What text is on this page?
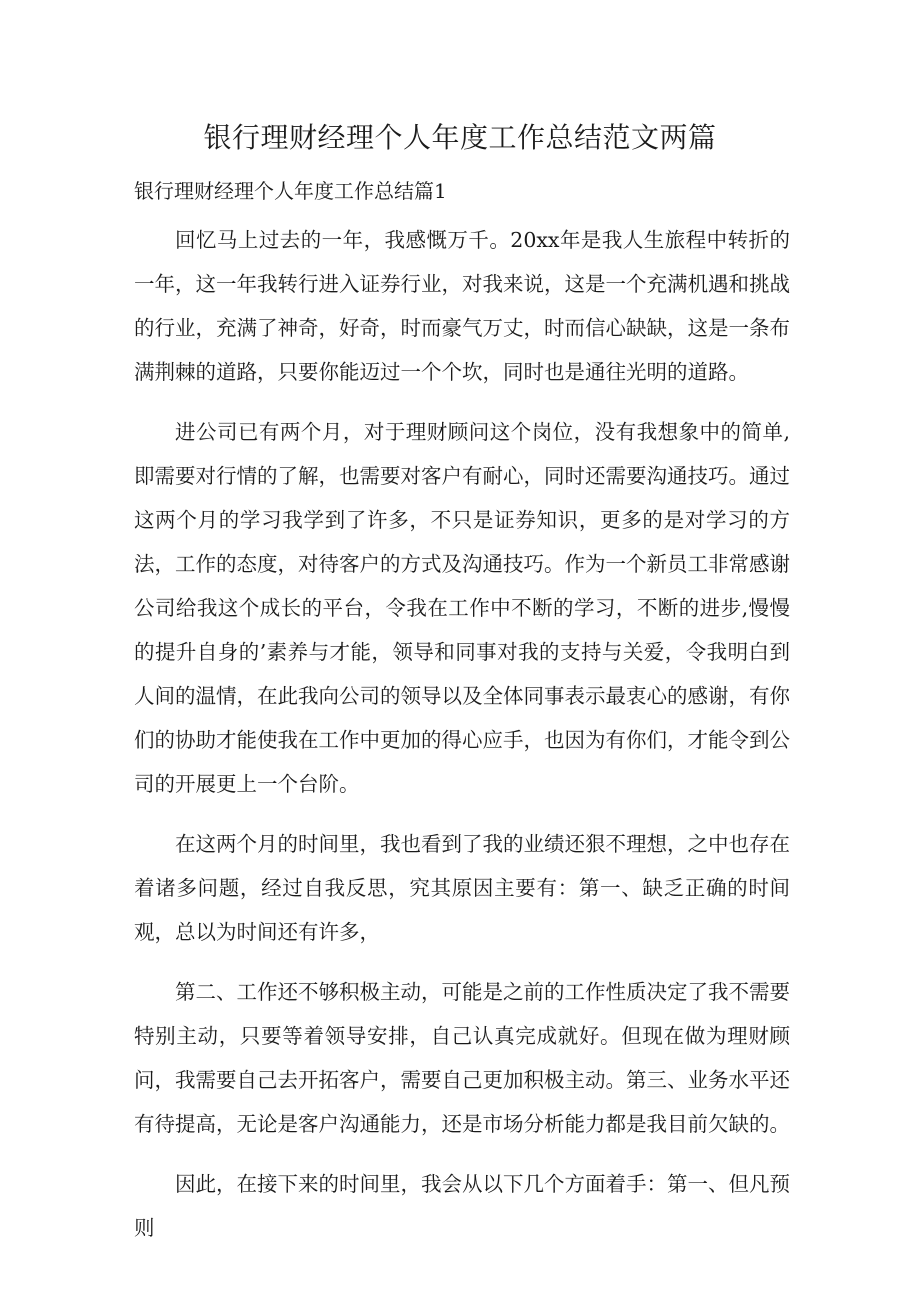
银行理财经理个人年度工作总结范文两篇
银行理财经理个人年度工作总结篇1

回忆马上过去的一年，我感慨万千。20xx年是我人生旅程中转折的一年，这一年我转行进入证券行业，对我来说，这是一个充满机遇和挑战的行业，充满了神奇，好奇，时而豪气万丈，时而信心缺缺，这是一条布满荆棘的道路，只要你能迈过一个个坎，同时也是通往光明的道路。

进公司已有两个月，对于理财顾问这个岗位，没有我想象中的简单,即需要对行情的了解，也需要对客户有耐心，同时还需要沟通技巧。通过这两个月的学习我学到了许多，不只是证券知识，更多的是对学习的方法，工作的态度，对待客户的方式及沟通技巧。作为一个新员工非常感谢公司给我这个成长的平台，令我在工作中不断的学习，不断的进步,慢慢的提升自身的’素养与才能，领导和同事对我的支持与关爱，令我明白到人间的温情，在此我向公司的领导以及全体同事表示最衷心的感谢，有你们的协助才能使我在工作中更加的得心应手，也因为有你们，才能令到公司的开展更上一个台阶。

在这两个月的时间里，我也看到了我的业绩还狠不理想，之中也存在着诸多问题，经过自我反思，究其原因主要有：第一、缺乏正确的时间观，总以为时间还有许多，

第二、工作还不够积极主动，可能是之前的工作性质决定了我不需要特别主动，只要等着领导安排，自己认真完成就好。但现在做为理财顾问，我需要自己去开拓客户，需要自己更加积极主动。第三、业务水平还有待提高，无论是客户沟通能力，还是市场分析能力都是我目前欠缺的。

因此，在接下来的时间里，我会从以下几个方面着手：第一、但凡预则
